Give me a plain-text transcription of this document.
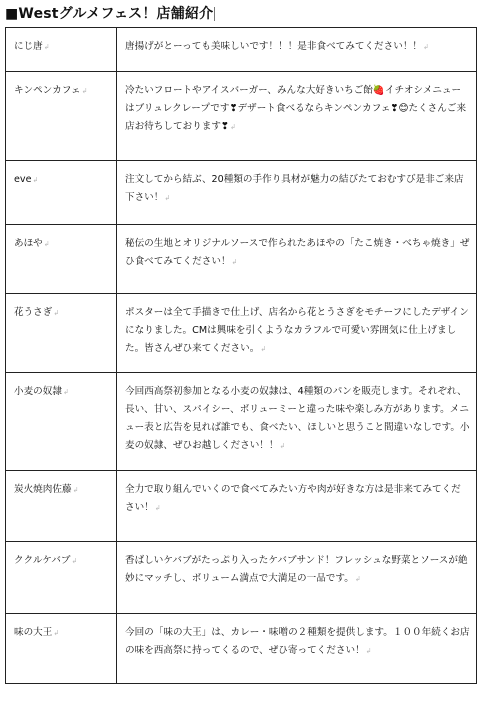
■Westグルメフェス！店舗紹介
にじ唐↲	唐揚げがとーっても美味しいです！！！是非食べてみてください！！↲
キンペンカフェ↲	冷たいフロートやアイスバーガー、みんな大好きいちご飴🍓イチオシメニューはブリュレクレープです❣デザート食べるならキンペンカフェ❣😊たくさんご来店お待ちしております❣↲
eve↲	注文してから結ぶ、20種類の手作り具材が魅力の結びたておむすび是非ご来店下さい！↲
あほや↲	秘伝の生地とオリジナルソースで作られたあほやの「たこ焼き・べちゃ焼き」ぜひ食べてみてください！↲
花うさぎ↲	ポスターは全て手描きで仕上げ、店名から花とうさぎをモチーフにしたデザインになりました。CMは興味を引くようなカラフルで可愛い雰囲気に仕上げました。皆さんぜひ来てください。↲
小麦の奴隷↲	今回西高祭初参加となる小麦の奴隷は、4種類のパンを販売します。それぞれ、長い、甘い、スパイシー、ボリューミーと違った味や楽しみ方があります。メニュー表と広告を見れば誰でも、食べたい、ほしいと思うこと間違いなしです。小麦の奴隷、ぜひお越しください！！↲
炭火焼肉佐藤↲	全力で取り組んでいくので食べてみたい方や肉が好きな方は是非来てみてください！↲
ククルケバブ↲	香ばしいケバブがたっぷり入ったケバブサンド！フレッシュな野菜とソースが絶妙にマッチし、ボリューム満点で大満足の一品です。↲
味の大王↲	今回の「味の大王」は、カレー・味噌の２種類を提供します。１００年続くお店の味を西高祭に持ってくるので、ぜひ寄ってください！↲
